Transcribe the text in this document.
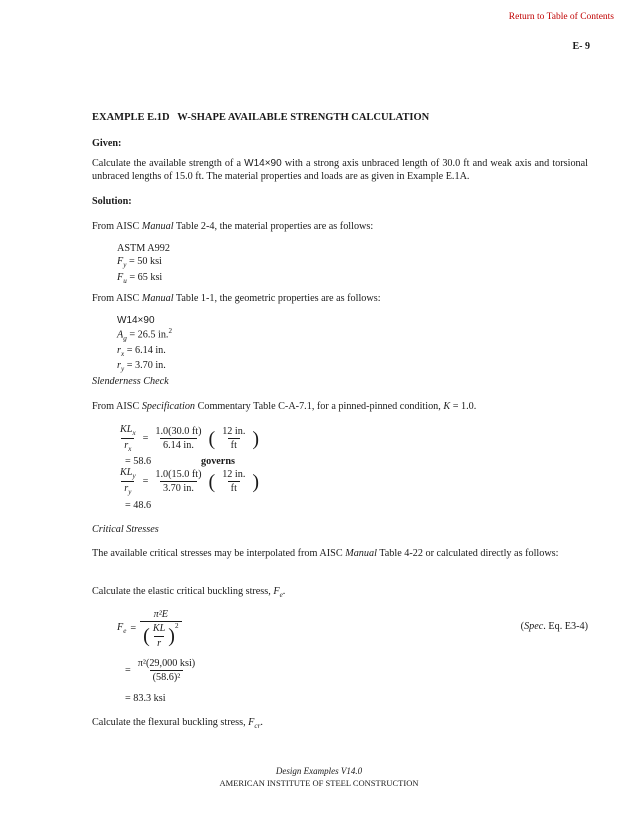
Return to Table of Contents
E- 9
EXAMPLE E.1D   W-SHAPE AVAILABLE STRENGTH CALCULATION
Given:
Calculate the available strength of a W14×90 with a strong axis unbraced length of 30.0 ft and weak axis and torsional unbraced lengths of 15.0 ft. The material properties and loads are as given in Example E.1A.
Solution:
From AISC Manual Table 2-4, the material properties are as follows:
ASTM A992
$F_y = 50$ ksi
$F_u = 65$ ksi
From AISC Manual Table 1-1, the geometric properties are as follows:
W14×90
$A_g = 26.5$ in.$^2$
$r_x = 6.14$ in.
$r_y = 3.70$ in.
Slenderness Check
From AISC Specification Commentary Table C-A-7.1, for a pinned-pinned condition, K = 1.0.
$\frac{KL_x}{r_x} = \frac{1.0(30.0 ft)}{6.14 in.}$ ( $\frac{12 in.}{ft}$ )
= 58.6	governs
$\frac{KL_y}{r_y} = \frac{1.0(15.0 ft)}{3.70 in.}$ ( $\frac{12 in.}{ft}$ )
= 48.6
Critical Stresses
The available critical stresses may be interpolated from AISC Manual Table 4-22 or calculated directly as follows:
Calculate the elastic critical buckling stress, $F_e$.
$F_e = \frac{\text{π²E}}{( \frac{KL}{r} )^2}$	(Spec. Eq. E3-4)
= $\frac{\text{π²(29,000 ksi)}}{\text{(58.6)²}}$
= 83.3 ksi
Calculate the flexural buckling stress, $F_{cr}$.
Design Examples V14.0
AMERICAN INSTITUTE OF STEEL CONSTRUCTION
